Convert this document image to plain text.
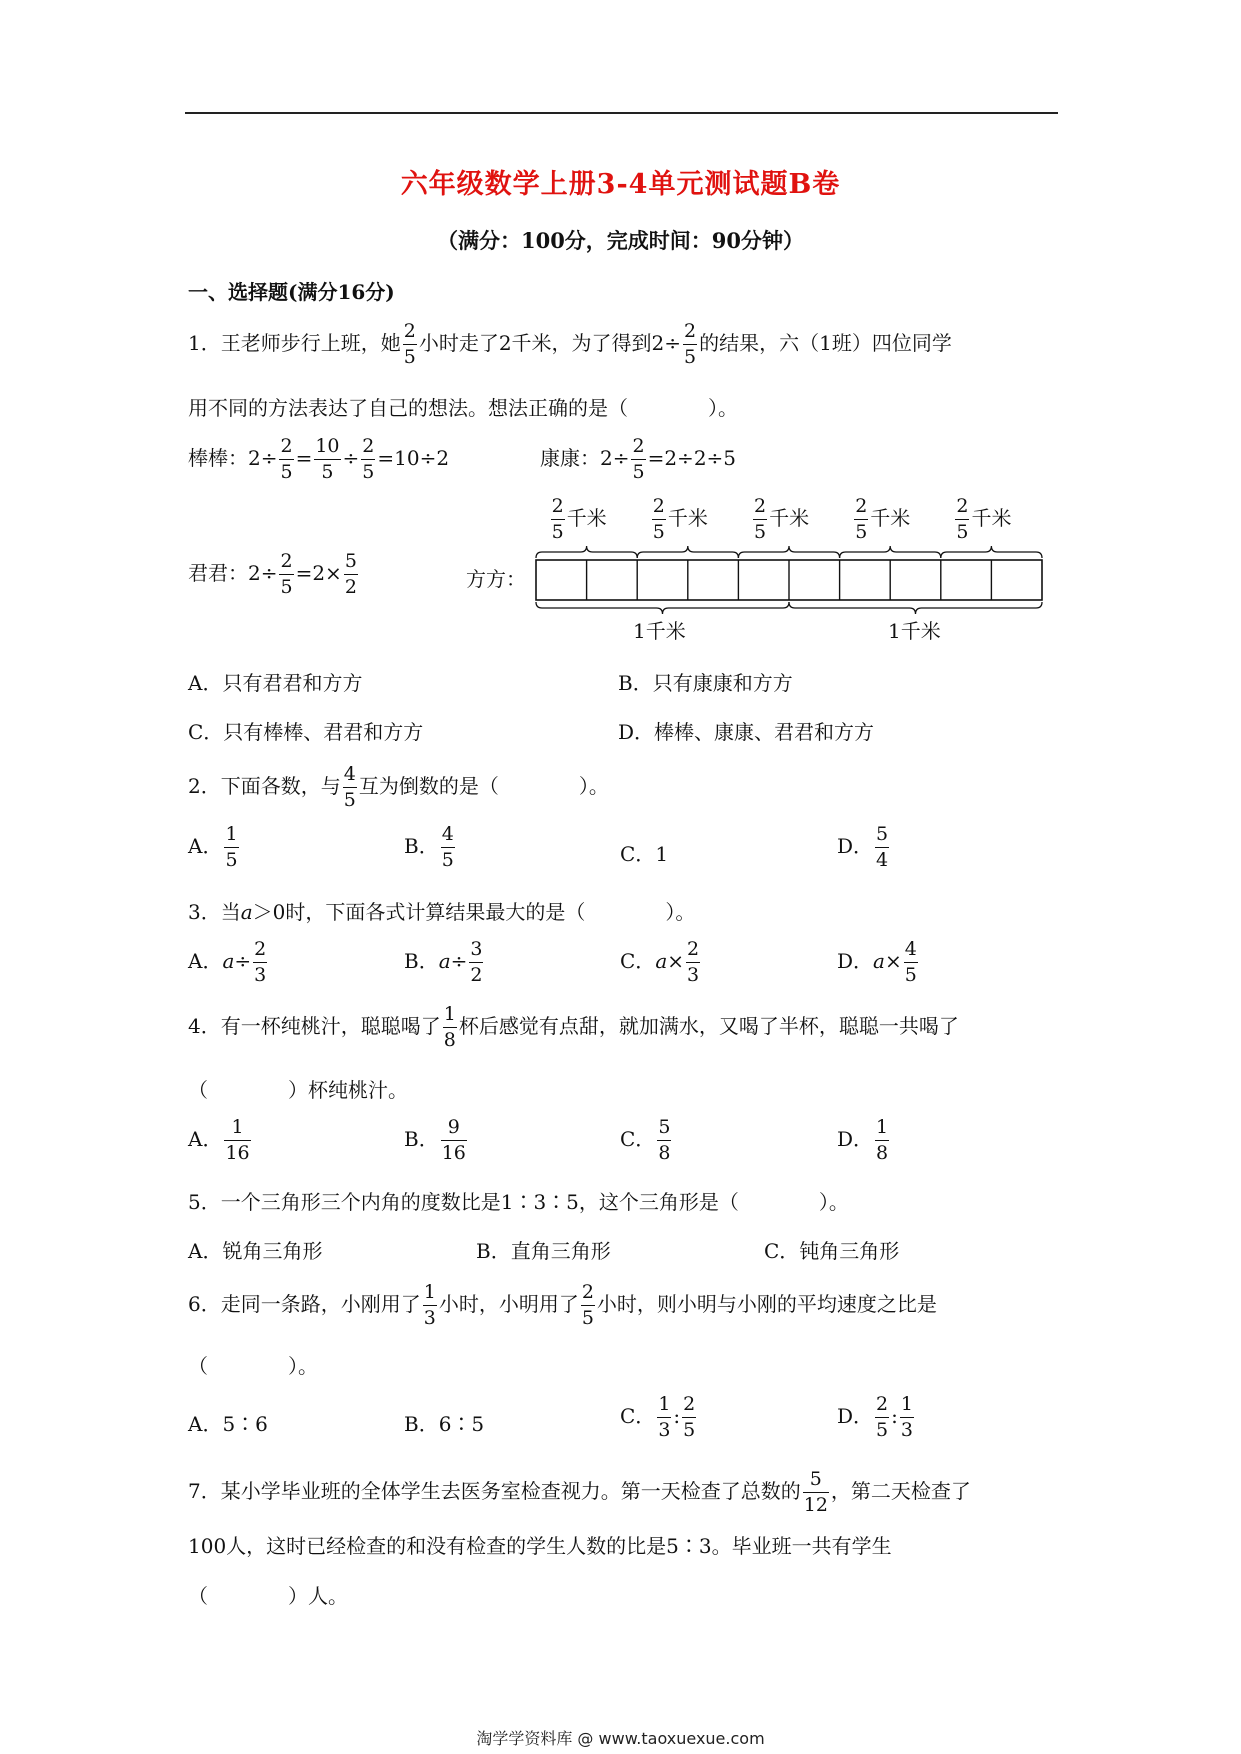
六年级数学上册3-4单元测试题B卷
（满分：100分，完成时间：90分钟）
一、选择题(满分16分)
1．王老师步行上班，她 $\frac{2}{5}$ 小时走了2千米，为了得到$2\div \frac{2}{5}$ 的结果，六（1班）四位同学
用不同的方法表达了自己的想法。想法正确的是（　　　　）。
棒棒：$2\div \frac{2}{5} = \frac{10}{5} \div \frac{2}{5} =10\div 2$	康康：$2\div \frac{2}{5} =2\div 2\div 5$
君君：$2\div \frac{2}{5} =2\times \frac{5}{2}$	方方：
$\frac{2}{5}$ 千米 $\frac{2}{5}$ 千米 $\frac{2}{5}$ 千米 $\frac{2}{5}$ 千米 $\frac{2}{5}$ 千米
1千米	1千米
A．只有君君和方方	B．只有康康和方方
C．只有棒棒、君君和方方	D．棒棒、康康、君君和方方
2．下面各数，与 $\frac{4}{5}$ 互为倒数的是（　　　　）。
A． $\frac{1}{5}$	B． $\frac{4}{5}$	C．1	D． $\frac{5}{4}$
3．当a＞0时，下面各式计算结果最大的是（　　　　）。
A．$a\div \frac{2}{3}$	B．$a\div \frac{3}{2}$	C．$a\times \frac{2}{3}$	D．$a\times \frac{4}{5}$
4．有一杯纯桃汁，聪聪喝了 $\frac{1}{8}$ 杯后感觉有点甜，就加满水，又喝了半杯，聪聪一共喝了
（　　　　）杯纯桃汁。
A． $\frac{1}{16}$	B． $\frac{9}{16}$	C． $\frac{5}{8}$	D． $\frac{1}{8}$
5．一个三角形三个内角的度数比是1∶3∶5，这个三角形是（　　　　）。
A．锐角三角形	B．直角三角形	C．钝角三角形
6．走同一条路，小刚用了 $\frac{1}{3}$ 小时，小明用了 $\frac{2}{5}$ 小时，则小明与小刚的平均速度之比是
（　　　　）。
A．5∶6	B．6∶5	C． $\frac{1}{3}$ : $\frac{2}{5}$	D． $\frac{2}{5}$ : $\frac{1}{3}$
7．某小学毕业班的全体学生去医务室检查视力。第一天检查了总数的 $\frac{5}{12}$ ，第二天检查了
100人，这时已经检查的和没有检查的学生人数的比是5∶3。毕业班一共有学生
（　　　　）人。
淘学学资料库 @ www.taoxuexue.com
